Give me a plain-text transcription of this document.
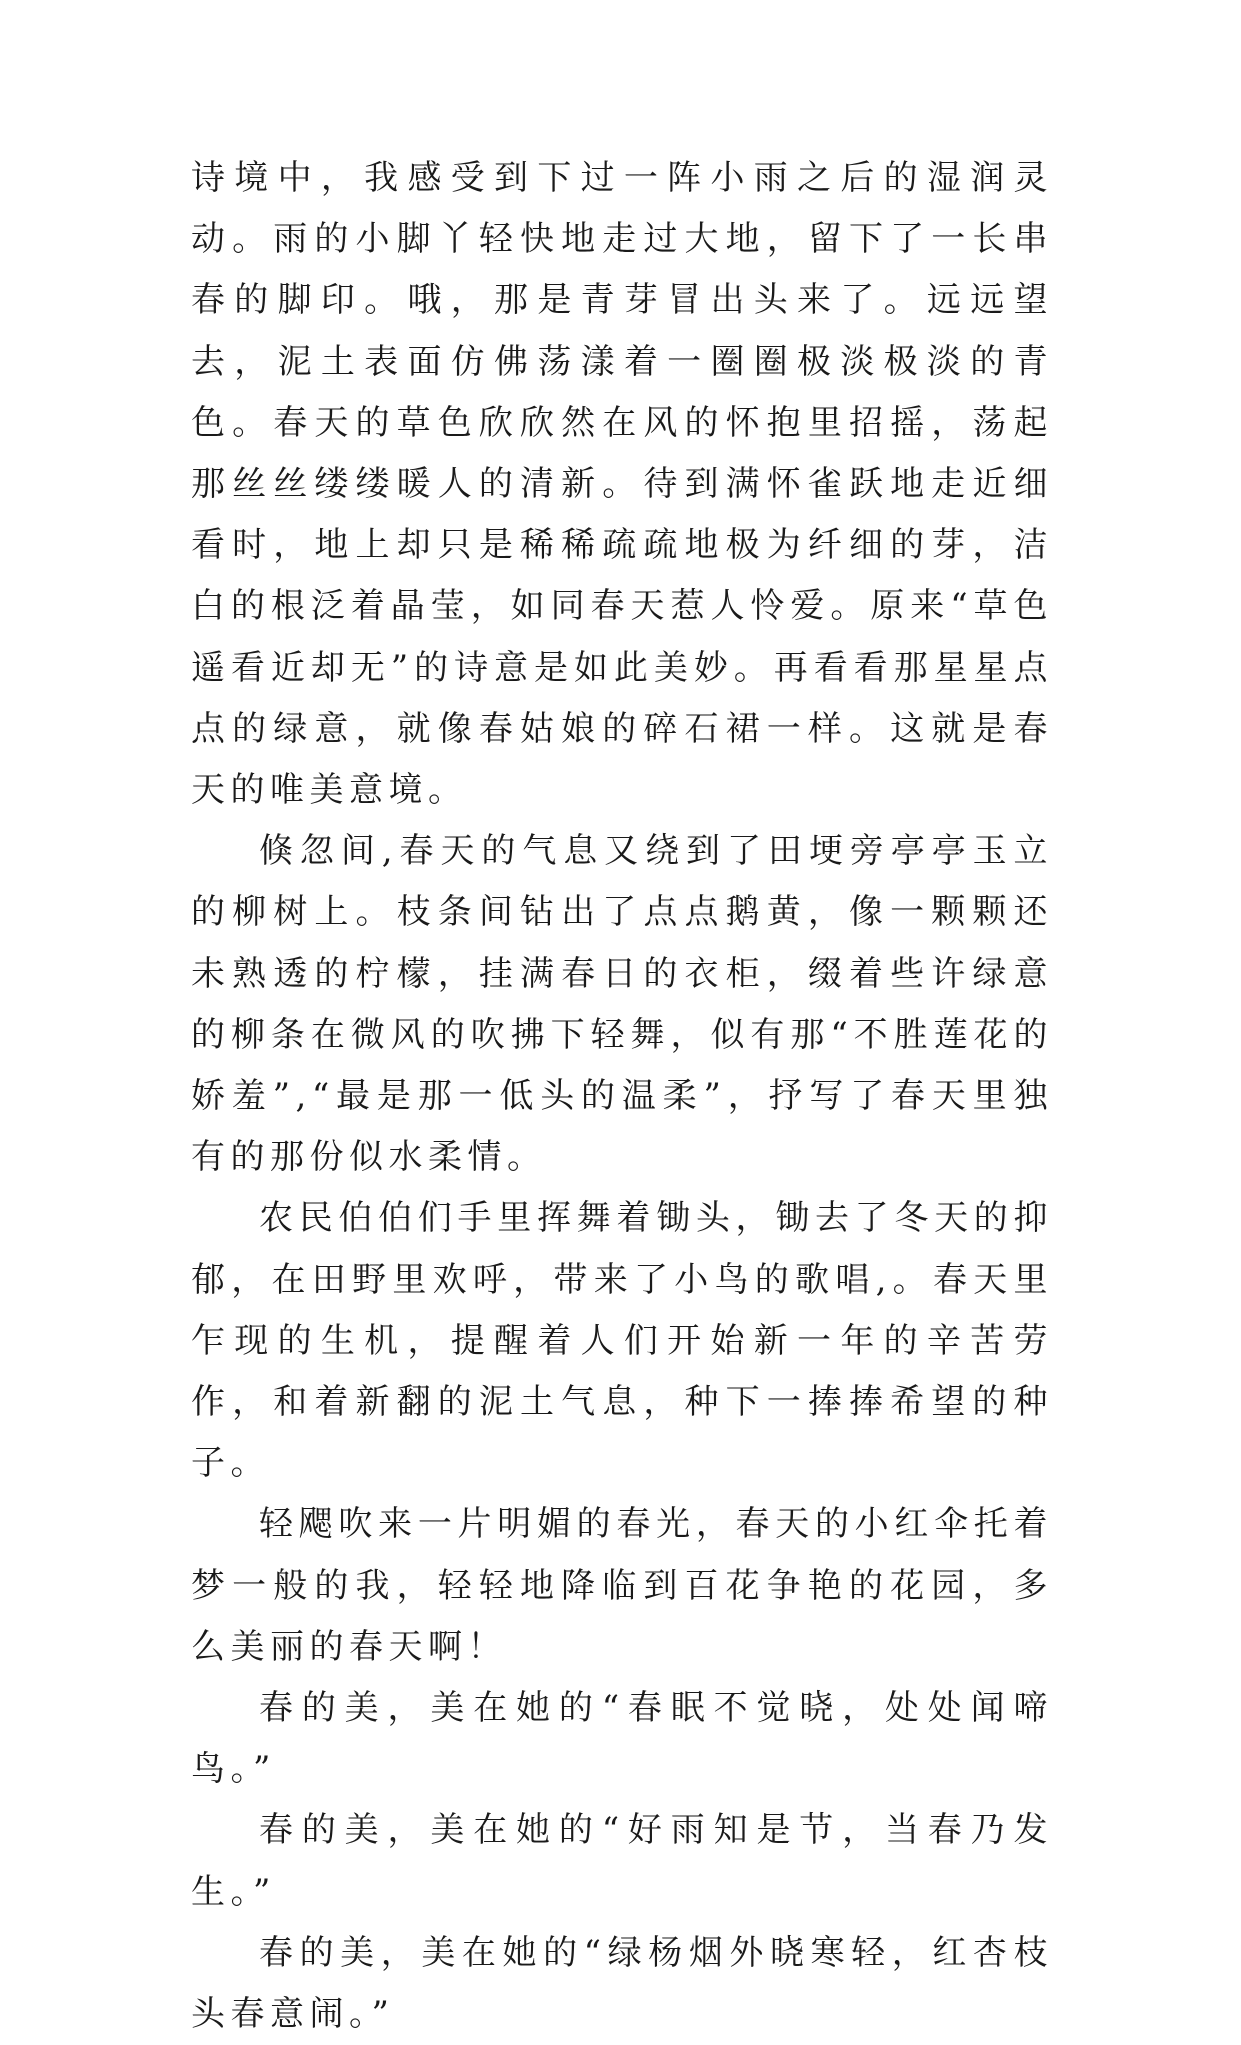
诗境中，我感受到下过一阵小雨之后的湿润灵动。雨的小脚丫轻快地走过大地，留下了一长串春的脚印。哦，那是青芽冒出头来了。远远望去，泥土表面仿佛荡漾着一圈圈极淡极淡的青色。春天的草色欣欣然在风的怀抱里招摇，荡起那丝丝缕缕暖人的清新。待到满怀雀跃地走近细看时，地上却只是稀稀疏疏地极为纤细的芽，洁白的根泛着晶莹，如同春天惹人怜爱。原来“草色遥看近却无”的诗意是如此美妙。再看看那星星点点的绿意，就像春姑娘的碎石裙一样。这就是春天的唯美意境。

倏忽间,春天的气息又绕到了田埂旁亭亭玉立的柳树上。枝条间钻出了点点鹅黄，像一颗颗还未熟透的柠檬，挂满春日的衣柜，缀着些许绿意的柳条在微风的吹拂下轻舞，似有那“不胜莲花的娇羞”,“最是那一低头的温柔”，抒写了春天里独有的那份似水柔情。

农民伯伯们手里挥舞着锄头，锄去了冬天的抑郁，在田野里欢呼，带来了小鸟的歌唱,。春天里乍现的生机，提醒着人们开始新一年的辛苦劳作，和着新翻的泥土气息，种下一捧捧希望的种子。

轻飔吹来一片明媚的春光，春天的小红伞托着梦一般的我，轻轻地降临到百花争艳的花园，多么美丽的春天啊！

春的美，美在她的“春眠不觉晓，处处闻啼鸟。”

春的美，美在她的“好雨知是节，当春乃发生。”

春的美，美在她的“绿杨烟外晓寒轻，红杏枝头春意闹。”
